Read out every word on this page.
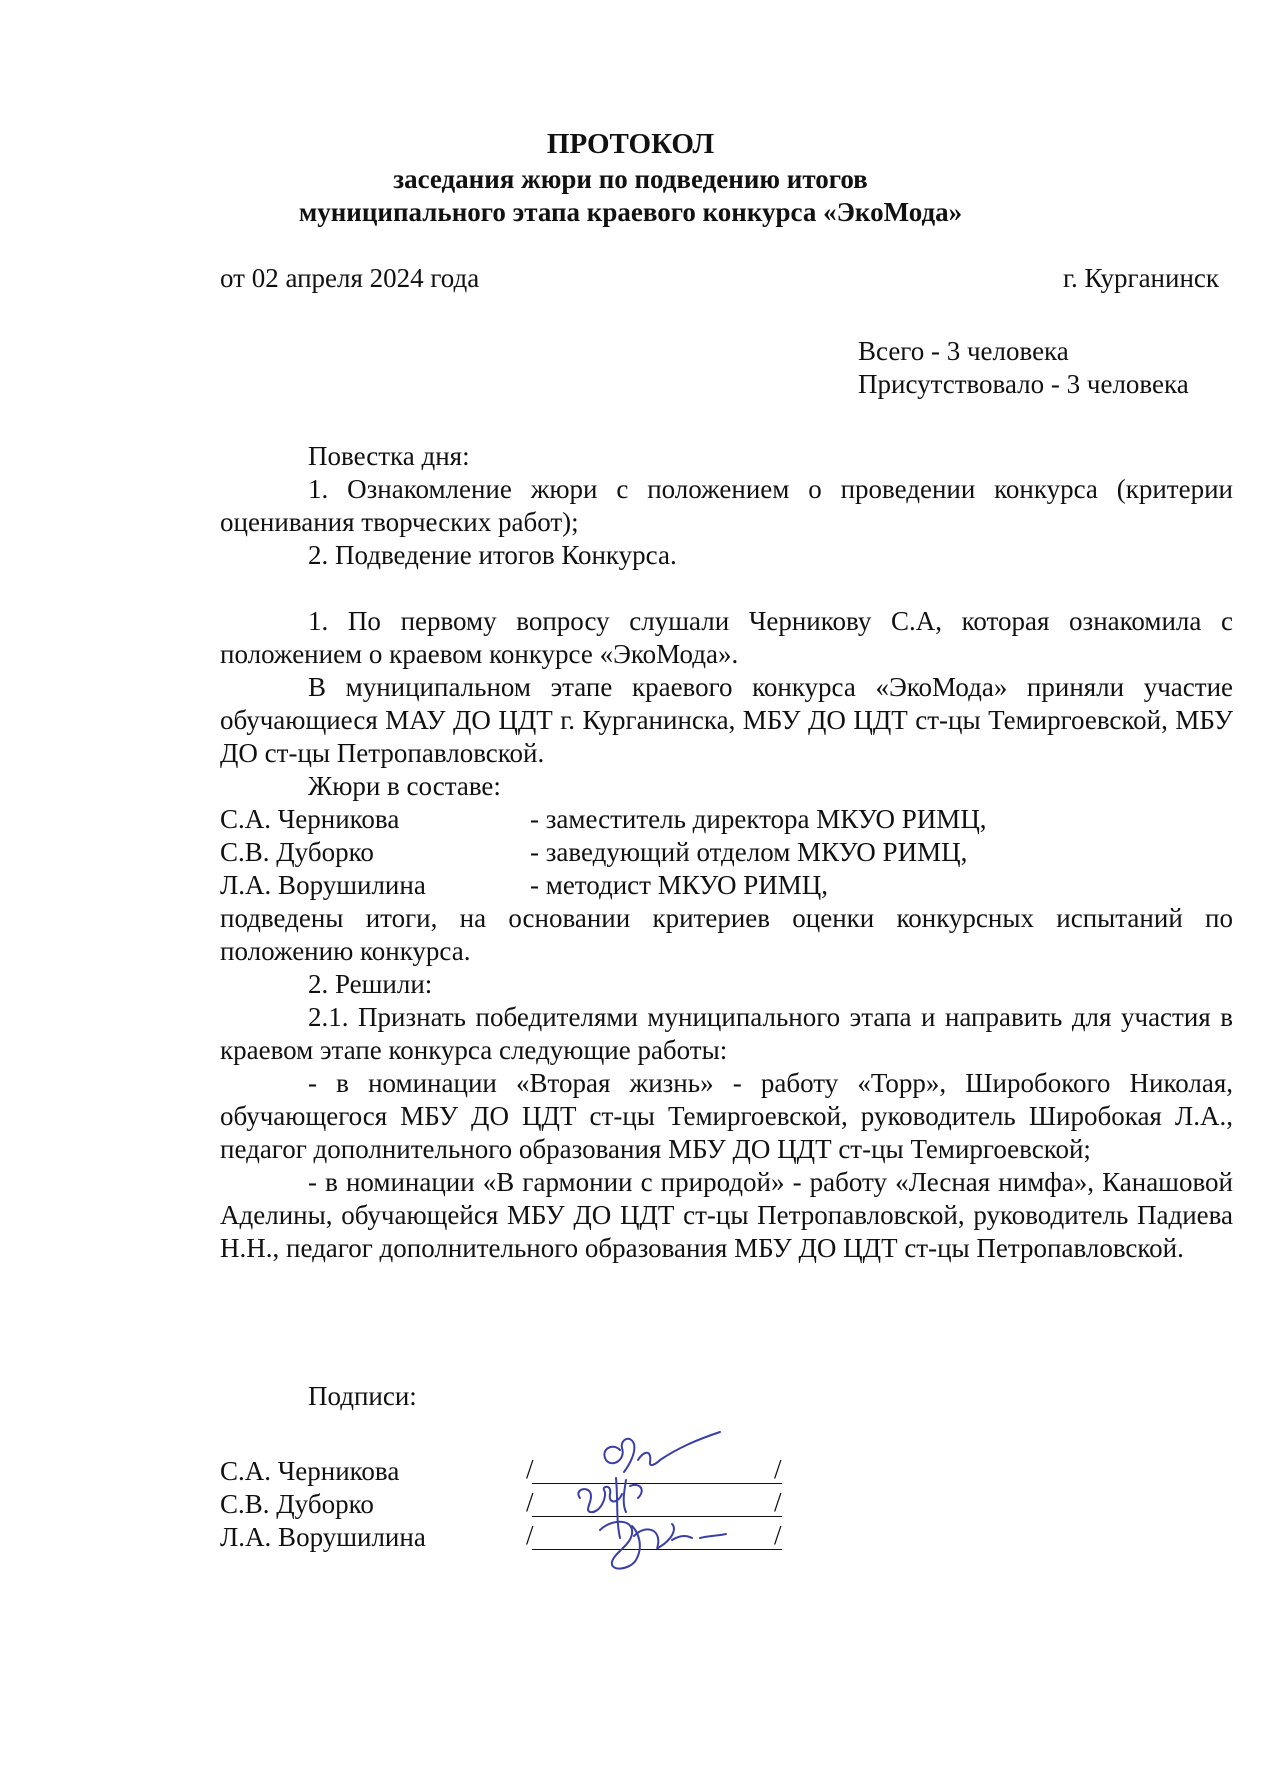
ПРОТОКОЛ
заседания жюри по подведению итогов
муниципального этапа краевого конкурса «ЭкоМода»
от 02 апреля 2024 года	г. Курганинск
Всего - 3 человека
Присутствовало - 3 человека

Повестка дня:

1. Ознакомление жюри с положением о проведении конкурса (критерии оценивания творческих работ);

2. Подведение итогов Конкурса.

1. По первому вопросу слушали Черникову С.А, которая ознакомила с положением о краевом конкурсе «ЭкоМода».

В муниципальном этапе краевого конкурса «ЭкоМода» приняли участие обучающиеся МАУ ДО ЦДТ г. Курганинска, МБУ ДО ЦДТ ст-цы Темиргоевской, МБУ ДО ст-цы Петропавловской.

Жюри в составе:

С.А. Черникова	- заместитель директора МКУО РИМЦ,
С.В. Дуборко	- заведующий отделом МКУО РИМЦ,
Л.А. Ворушилина	- методист МКУО РИМЦ,

подведены итоги, на основании критериев оценки конкурсных испытаний по положению конкурса.

2. Решили:

2.1. Признать победителями муниципального этапа и направить для участия в краевом этапе конкурса следующие работы:

- в номинации «Вторая жизнь» - работу «Торр», Широбокого Николая, обучающегося МБУ ДО ЦДТ ст-цы Темиргоевской, руководитель Широбокая Л.А., педагог дополнительного образования МБУ ДО ЦДТ ст-цы Темиргоевской;

- в номинации «В гармонии с природой» - работу «Лесная нимфа», Канашовой Аделины, обучающейся МБУ ДО ЦДТ ст-цы Петропавловской, руководитель Падиева Н.Н., педагог дополнительного образования МБУ ДО ЦДТ ст-цы Петропавловской.

Подписи:
С.А. Черникова	/	/
С.В. Дуборко	/	/
Л.А. Ворушилина	/	/
